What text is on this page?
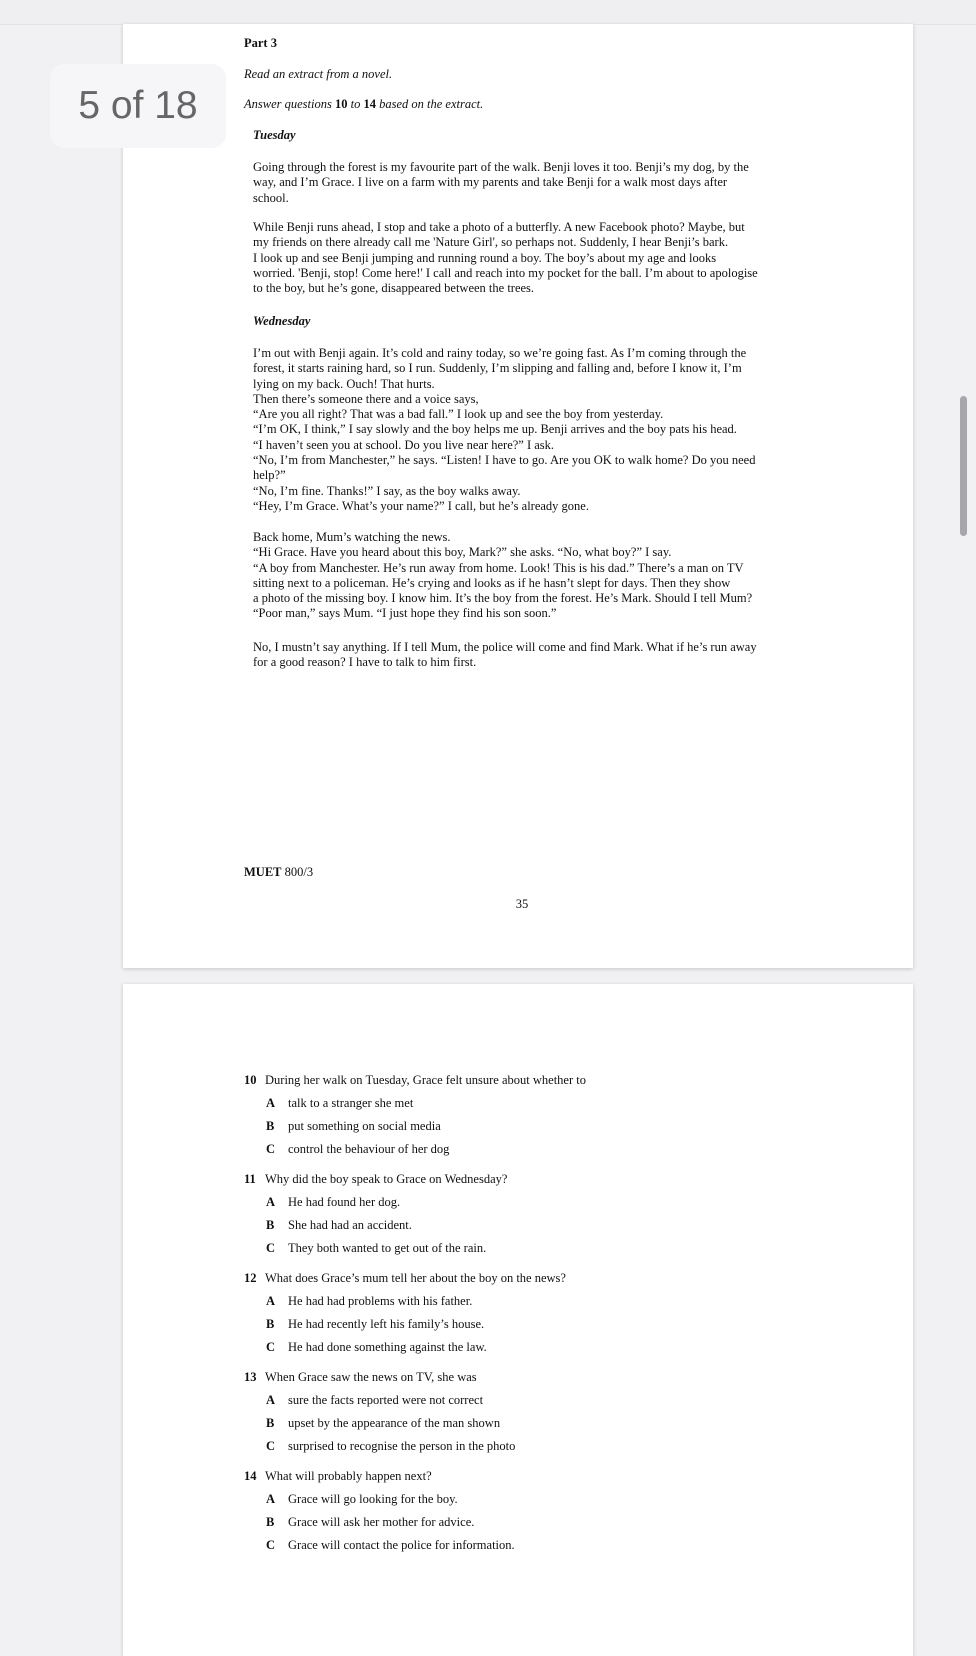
Part 3

Read an extract from a novel.

Answer questions 10 to 14 based on the extract.

Tuesday

Going through the forest is my favourite part of the walk. Benji loves it too. Benji’s my dog, by the
way, and I’m Grace. I live on a farm with my parents and take Benji for a walk most days after
school.
While Benji runs ahead, I stop and take a photo of a butterfly. A new Facebook photo? Maybe, but
my friends on there already call me 'Nature Girl', so perhaps not. Suddenly, I hear Benji’s bark.
I look up and see Benji jumping and running round a boy. The boy’s about my age and looks
worried. 'Benji, stop! Come here!' I call and reach into my pocket for the ball. I’m about to apologise
to the boy, but he’s gone, disappeared between the trees.

Wednesday

I’m out with Benji again. It’s cold and rainy today, so we’re going fast. As I’m coming through the
forest, it starts raining hard, so I run. Suddenly, I’m slipping and falling and, before I know it, I’m
lying on my back. Ouch! That hurts.
Then there’s someone there and a voice says,
“Are you all right? That was a bad fall.” I look up and see the boy from yesterday.
“I’m OK, I think,” I say slowly and the boy helps me up. Benji arrives and the boy pats his head.
“I haven’t seen you at school. Do you live near here?” I ask.
“No, I’m from Manchester,” he says. “Listen! I have to go. Are you OK to walk home? Do you need
help?”
“No, I’m fine. Thanks!” I say, as the boy walks away.
“Hey, I’m Grace. What’s your name?” I call, but he’s already gone.
Back home, Mum’s watching the news.
“Hi Grace. Have you heard about this boy, Mark?” she asks. “No, what boy?” I say.
“A boy from Manchester. He’s run away from home. Look! This is his dad.” There’s a man on TV
sitting next to a policeman. He’s crying and looks as if he hasn’t slept for days. Then they show
a photo of the missing boy. I know him. It’s the boy from the forest. He’s Mark. Should I tell Mum?
“Poor man,” says Mum. “I just hope they find his son soon.”
No, I mustn’t say anything. If I tell Mum, the police will come and find Mark. What if he’s run away
for a good reason? I have to talk to him first.

MUET 800/3

35

10 During her walk on Tuesday, Grace felt unsure about whether to

A talk to a stranger she met

B put something on social media

C control the behaviour of her dog

11 Why did the boy speak to Grace on Wednesday?

A He had found her dog.

B She had had an accident.

C They both wanted to get out of the rain.

12 What does Grace’s mum tell her about the boy on the news?

A He had had problems with his father.

B He had recently left his family’s house.

C He had done something against the law.

13 When Grace saw the news on TV, she was

A sure the facts reported were not correct

B upset by the appearance of the man shown

C surprised to recognise the person in the photo

14 What will probably happen next?

A Grace will go looking for the boy.

B Grace will ask her mother for advice.

C Grace will contact the police for information.

5 of 18
